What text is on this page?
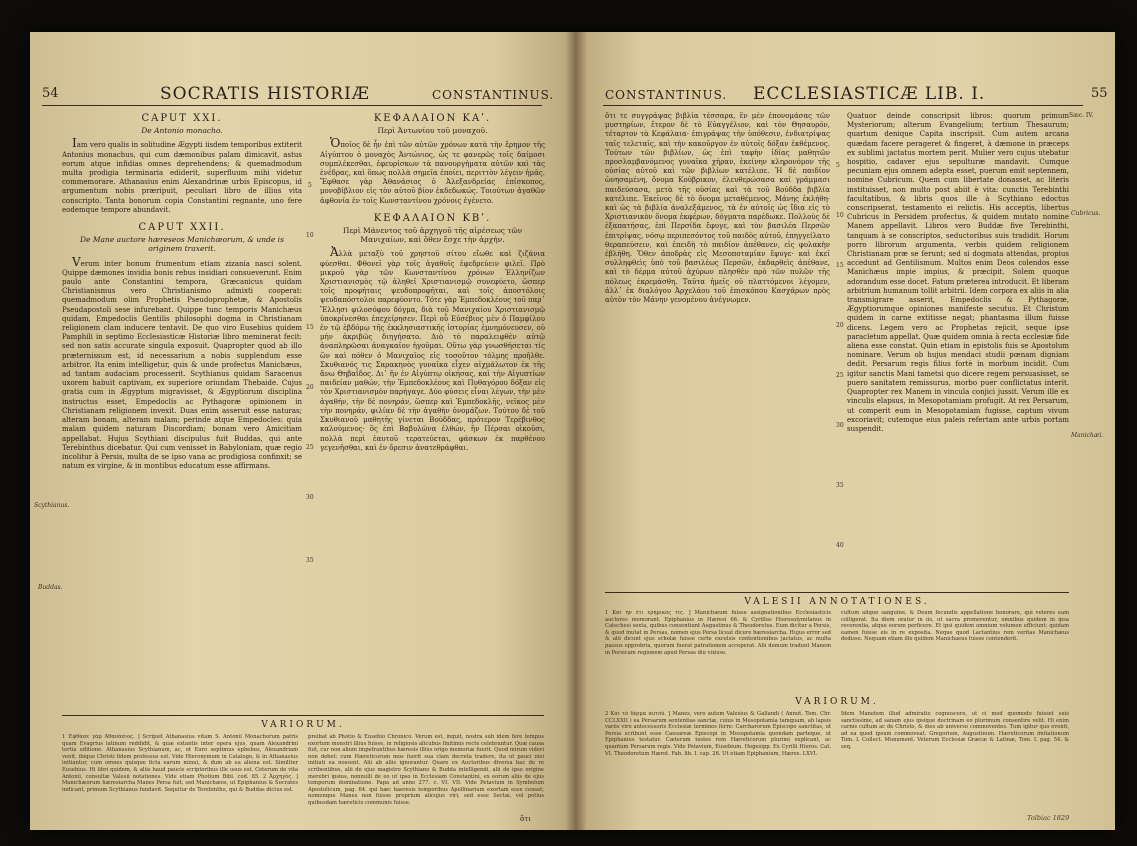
54	SOCRATIS HISTORIÆ	CONSTANTINUS.
CAPUT XXI.
De Antonio monacho.

Iam vero qualis in solitudine Ægypti iisdem temporibus extiterit Antonius monachus, qui cum dæmonibus palam dimicavit, astus eorum atque infidias omnes deprehendens; & quemadmodum multa prodigia terminaria ediderit, superfluum mihi videtur commemorare. Athanasius enim Alexandrinæ urbis Episcopus, id argumentum nobis præripuit, peculiari libro de illius vita conscripto. Tanta bonorum copia Constantini regnante, uno fere eodemque tempore abundavit.

CAPUT XXII.
De Mane auctore hæreseos Manichæorum, & unde is originem traxerit.

Verum inter bonum frumentum etiam zizania nasci solent. Quippe dæmones invidia bonis rebus insidiari consueverunt. Enim paulo ante Constantini tempora, Græcanicus quidam Christianismus vero Christianismo admixti cooperat: quemadmodum olim Prophetis Pseudoprophetæ, & Apostolis Pseudapostoli sese infurebant. Quippe tunc temporis Manichæus quidam, Empedoclis Gentilis philosophi dogma in Christianam religionem clam inducere tentavit. De quo viro Eusebius quidem Pamphili in septimo Ecclesiasticæ Historiæ libro meminerat fecit: sed non satis accurate singula exposuit. Quapropter quod ab illo præternissum est, id necessarium a nobis supplendum esse arbitror. Ita enim intelligetur, quis & unde profectus Manichæus, ad tantam audaciam processerit. Scythianus quidam Saracenus uxorem habuit captivam, ex superiore oriundam Thebaide. Cujus gratia cum in Ægyptum migravisset, & Ægyptiorum disciplina instructus esset, Empedoclis ac Pythagoræ opinionem in Christianam religionem invexit. Duas enim asseruit esse naturas; alteram bonam, alteram malam; perinde atque Empedocles: quia malam quidem naturam Discordiam; bonam vero Amicitiam appellabat. Hujus Scythiani discipulus fuit Buddas, qui ante Terebinthus dicebatur. Qui cum venisset in Babyloniam, quæ regio incolitur à Persis, multa de se ipso vana ac prodigiosa confinxit; se natum ex virgine, & in montibus educatum esse affirmans.

Scythianus.
Buddas.
5
10
15
20
25
30
35
ΚΕΦΑΛΑΙΟΝ ΚΑʹ.
Περὶ Ἀντωνίου τοῦ μοναχοῦ.

Ὁποῖος δὲ ἦν ἐπὶ τῶν αὐτῶν χρόνων κατὰ τὴν ἔρημον τῆς Αἰγύπτου ὁ μοναχὸς Ἀντώνιος, ὡς τε φανερῶς τοῖς δαίμοσι συμπλέκεσθαι, ἐφευρίσκων τὰ πανουργήματα αὐτῶν καὶ τὰς ἐνέδρας, καὶ ὅπως πολλὰ σημεῖα ἐποίει, περιττὸν λέγειν ἡμᾶς. Ἔφθασε γὰρ Ἀθανάσιος ὁ Ἀλεξανδρείας ἐπίσκοπος, μονοβίβλιον εἰς τὸν αὐτοῦ βίον ἐκδεδωκώς. Τοιούτων ἀγαθῶν ἀφθονία ἐν τοῖς Κωνσταντίνου χρόνοις ἐγένετο.

ΚΕΦΑΛΑΙΟΝ ΚΒʹ.
Περὶ Μάνεντος τοῦ ἀρχηγοῦ τῆς αἱρέσεως τῶν Μανιχαίων, καὶ ὅθεν ἔσχε τὴν ἀρχήν.

Ἀλλὰ μεταξὺ τοῦ χρηστοῦ σίτου εἴωθε καὶ ζιζάνια φύεσθαι. Φθονεῖ γὰρ τοῖς ἀγαθοῖς ἐφεδρεύειν φιλεῖ. Πρὸ μικροῦ γὰρ τῶν Κωνσταντίνου χρόνων Ἑλληνίζων Χριστιανισμὸς τῷ ἀληθεῖ Χριστιανισμῷ συνεφύετο, ὥσπερ τοῖς προφήταις ψευδοπροφῆται, καὶ τοῖς ἀποστόλοις ψευδαπόστολοι παρεφύοντο. Τότε γὰρ Ἐμπεδοκλέους τοῦ παρ᾽ Ἕλλησι φιλοσόφου δόγμα, διὰ τοῦ Μανιχαίου Χριστιανισμῷ ὑποκρίνεσθαι ἐπεχείρησεν. Περὶ οὗ Εὐσέβιος μὲν ὁ Παμφίλου ἐν τῷ ἑβδόμῳ τῆς ἐκκλησιαστικῆς ἱστορίας ἐμνημόνευσεν, οὐ μὴν ἀκριβῶς διηγήσατο. Διὸ τὸ παραλειφθὲν αὐτῷ ἀναπληρῶσαι ἀναγκαῖον ἡγοῦμαι. Οὕτω γὰρ γνωσθήσεται τίς ὢν καὶ πόθεν ὁ Μανιχαῖος εἰς τοσοῦτον τόλμης προῆλθε. Σκυθιανός τις Σαρακηνὸς γυναῖκα εἶχεν αἰχμάλωτον ἐκ τῆς ἄνω Θηβαΐδος. Δι᾽ ἣν ἐν Αἰγύπτῳ οἰκήσας, καὶ τὴν Αἰγυπτίων παιδείαν μαθών, τὴν Ἐμπεδοκλέους καὶ Πυθαγόρου δόξαν εἰς τὸν Χριστιανισμὸν παρήγαγε. Δύο φύσεις εἶναι λέγων, τὴν μὲν ἀγαθήν, τὴν δὲ πονηράν, ὥσπερ καὶ Ἐμπεδοκλῆς, νεῖκος μὲν τὴν πονηράν, φιλίαν δὲ τὴν ἀγαθὴν ὀνομάζων. Τούτου δὲ τοῦ Σκυθιανοῦ μαθητὴς γίνεται Βούδδας, πρότερον Τερέβινθος καλούμενος· ὃς ἐπὶ Βαβυλῶνα ἐλθών, ἣν Πέρσαι οἰκοῦσι, πολλὰ περὶ ἑαυτοῦ τερατεύεται, φάσκων ἐκ παρθένου γεγενῆσθαι, καὶ ἐν ὄρεσιν ἀνατεθράφθαι.

VARIORUM.
1 Ἐφθασε γὰρ Ἀθανάσιος. ] Scripsit Athanasius vitam S. Antonii Monachorum patris quam Evagrius latinum reddidit, & quæ extantis inter opera ejus, quam Alexandrini tertia editione. Athanasius Scythianum, ac, ut Euro septimus ephebus, Alexandriam venit, ibique Christi fidem professus est. Vide Hieronymum in Catalogo, & in Athanasius initiantur, cum omnes quisque ficta earum minui, & dum ab ea aliena est. Similiter Eusebius. Hi libri quidem, & aliis haud paucis scriptoribus ille usus est. Ceterum de vita Antonii, consultæ Valesii notationes. Vide etiam Photium Bibl. cod. 85. 2 Ἀρχηγὸς. ] Manichæorum hæresiarcha Manes Persa fuit; sed Manichæos, ut Epiphanius & Socrates indicant, primum Scythianus fundavit. Sequitur de Terebintho, qui & Buddas dictus est.
preibat ab Photio & Eusebio Chronico. Verum est, inquit, nostra sub idem fere tempus exortum monstri illius fuisse, in religiosis alicubus finitimis recte celebrantur. Quæ causa fuit, cur non alium impetrantibus hæresis illius origo memoriæ fuerit. Quod mirum videri non debet: cum Hæreticorum mos fuerit sua clam decreta tradere, ita ut pauci nisi initiati ea nossent. Alii ab aliis ignorantur. Quare ex Auctoribus diversa hac de re scribentibus, alii de ejus magistro Scythiano & Budda intelligendi, alii de ipso origine merebri ipsius, nonnulli de eo ut ipso in Ecclesiam Constantini, ex eorum aliis de ejus temporum dominatione. Papa ad anno 277. c. VI. VII. Vide Petavium in Symbolum Apostolicum, pag. 64. qui hæc haeresis temporibus Apollinarium exortam esse censet; nomenque Manes non fuisse proprium alicujus viri, sed esse Sectæ, vel potius quibusdam hæreticis communis fuisse.
ὅτι
CONSTANTINUS. ECCLESIASTICÆ LIB. I.	55
Sæc. IV.
ὅτι τε συγγράψας βιβλία τέσσαρα, ἓν μὲν ἐπονομάσας τῶν μυστηρίων, ἕτερον δὲ τὸ Εὐαγγέλιον, καὶ τὸν Θησαυρόν, τέταρτον τὰ Κεφάλαια· ἐπιγράψας τὴν ὑπόθεσιν, ἐνδιατρίψας ταῖς τελεταῖς, καὶ τὴν κακοῦργον ἐν αὐτοῖς δόξαν ἐκθέμενος. Τούτων τῶν βιβλίων, ὡς ἐπὶ ταφὴν ἰδίας μαθητῶν προσλαμβανόμενος γυναῖκα χήραν, ἐκείνην κληρονόμον τῆς οὐσίας αὐτοῦ καὶ τῶν βιβλίων κατέλιπε. Ἡ δὲ παιδίον ὠνησαμένη, ὄνομα Κούβρικον, ἐλευθερώσασα καὶ γράμμασι παιδεύσασα, μετὰ τῆς οὐσίας καὶ τὰ τοῦ Βούδδα βιβλία κατέλιπε. Ἐκεῖνος δὲ τὸ ὄνομα μεταθέμενος, Μάνης ἐκλήθη· καὶ ὡς τὰ βιβλία ἀναλεξάμενος, τὰ ἐν αὐτοῖς ὡς ἴδια εἰς τὸ Χριστιανικὸν ὄνομα ἐκφέρων, δόγματα παρέδωκε. Πολλοὺς δὲ ἐξαπατήσας, ἐπὶ Περσίδα ἔφυγε, καὶ τὸν βασιλέα Περσῶν ἐπιτρίψας, νόσῳ περιπεσόντος τοῦ παιδὸς αὐτοῦ, ἐπηγγείλατο θεραπεύσειν, καὶ ἐπειδὴ τὸ παιδίον ἀπέθανεν, εἰς φυλακὴν ἐβλήθη. Ὅθεν ἀποδρὰς εἰς Μεσοποταμίαν ἔφυγε· καὶ ἐκεῖ συλληφθεὶς ὑπὸ τοῦ βασιλέως Περσῶν, ἐκδαρθεὶς ἀπέθανε, καὶ τὸ δέρμα αὐτοῦ ἀχύρων πλησθὲν πρὸ τῶν πυλῶν τῆς πόλεως ἐκρεμάσθη. Ταῦτα ἡμεῖς οὐ πλαττόμενοι λέγομεν, ἀλλ᾽ ἐκ διαλόγου Ἀρχελάου τοῦ ἐπισκόπου Κασχάρων πρὸς αὐτὸν τὸν Μάνην γενομένου ἀνέγνωμεν.
5
10
15
20
25
30
35
40
Quatuor deinde conscripsit libros: quorum primum Mysteriorum; alterum Evangelium; tertium Thesaurum; quartum denique Capita inscripsit. Cum autem arcana quædam facere perageret & fingeret, à dæmone in præceps ex sublimi jactatus mortem perit. Mulier vero cujus utebatur hospitio, cadaver ejus sepulturæ mandavit. Cumque pecuniam ejus omnem adepta esset, puerum emit septennem, nomine Cubricum. Quem cum libertate donasset, ac literis instituisset, non multo post abiit è vita: cunctis Terebinthi facultatibus, & libris quos ille à Scythiano edoctus conscripserat, testamento ei relictis. His acceptis, libertus Cubricus in Persidem profectus, & quidem mutato nomine Manem appellavit. Libros vero Buddæ five Terebinthi, tanquam à se conscriptos, seductoribus suis tradidit. Horum porro librorum argumenta, verbis quidem religionem Christianam præ se ferunt; sed si dogmata attendas, propius accedunt ad Gentilismum. Multos enim Deos colendos esse Manichæus impie impius, & præcipit. Solem quoque adorandum esse docet. Fatum præterea introducit. Et liberam arbitrium humanum tollit arbitrii. Idem corpora ex aliis in alia transmigrare asserit, Empedoclis & Pythagoræ, Ægyptiorumque opiniones manifeste secutus. Et Christum quidem in carne extitisse negat; phantasma illum fuisse dicens. Legem vero ac Prophetas rejicit, seque ipse paracletum appellat. Quæ quidem omnia à recta ecclesiæ fide aliena esse constat. Quin etiam in epistolis fuis se Apostolum nominare. Verum ob hujus mendaci studii pœnam digniam dedit. Persarum regis filius fortè in morbum incidit. Cum igitur sanctis Mani tametsi quo dicere regem persuasisset, se puero sanitatem remissurus, morbo puer conflictatus interit. Quapropter rex Manem in vincula conjici jussit. Verum ille ex vinculis elapsus, in Mesopotamiam profugit. At rex Persarum, ut comperit eum in Mesopotamiam fugisse, captum vivum excoriavit; cutemque eius paleis refertam ante urbis portam suspendit.
Cubricus.
Manichæi.
VALESII ANNOTATIONES.
1 Καὶ ἦν ἔτι ἐρημικὸς τίς. ] Manichæum fuisse assignationibus Ecclesiasticis auctores memorant. Epiphanius in Hæresi 66. & Cyrillus Hierosolymitanus in Catechesi sexta, quibus consentiunt Augustinus & Theodoretus. Eum dicitur a Persis, & quod mutat in Persas, nomen ejus Persa liceat dicere hæresiarcha. Hujus error sed & alii dicunt ejus scholæ fuisse certe excelsis contentionibus jactatus, ac multa passus opprobria, quorum fuerat patrationem acceperat. Alii demum tradunt Manem in Persicam regionem apud Persas diu vixisse.
cultum aliquo sanguine, & Deum fecundis appellatione honorare, qui veteres eam colligerat. Ita diem oratur in iis, ut sacra promerentur, omnibus quidem in ipsa reverentia, atque eorum perficere. Et ipsi quidem omnium volumen efficiunt: quidam eamen fuisse eis in re exposita. Neque quod Lactantius rem veritas Manichæus dedisse. Nequam etiam ille quidem Manichaeus fuisse contenderit.
VARIORUM.
2 Καὶ τὸ δέρμα αὐτοῦ. ] Manes, vero autem Valesius & Gallandi ( Annot. Tom. Chr. CCLXXII ) ea Persarum sententias sanctæ, cuius in Mesopotamia tamquam, ab lapsis variis viro antecessoris Ecclesiæ terminos ferre: Carcharorum Episcopo sanctitas, ut Persia scribunt esse Caesareæ Episcopi in Mesopotamia quondam parteque, ut Epiphanius testatur. Cæterum testes rem Hæreticorum plurimi explicant, ac quantum Persarum regis. Vide Petavium, Eusebium. Hegesipp. Ex Cyrilli Hieros. Cat. VI. Theodoretum Hæret. Fab. lib. I. cap. 26. Ut etiam Epiphanium, Hæres. LXVI.
Idem Manetem illud admiratio cognoscere, ut ci mod quomodo fuisset suis sanctissime, ad sanam ejus ipsique doctrinam eo plurimum consentire velit. Hi enim carnis cultum ac de Christo, & dies ab universo commoventes. Tum igitur quo evenit, ad ea quod ipsum commoveat. Gregorium, Augustinum. Hæreticorum imitationum Tom. I. Collect. Monument. Veterum Ecclesiæ Græcæ & Latinæ, Tom. I. pag. 54. & seq.
Tolbiac 1829
